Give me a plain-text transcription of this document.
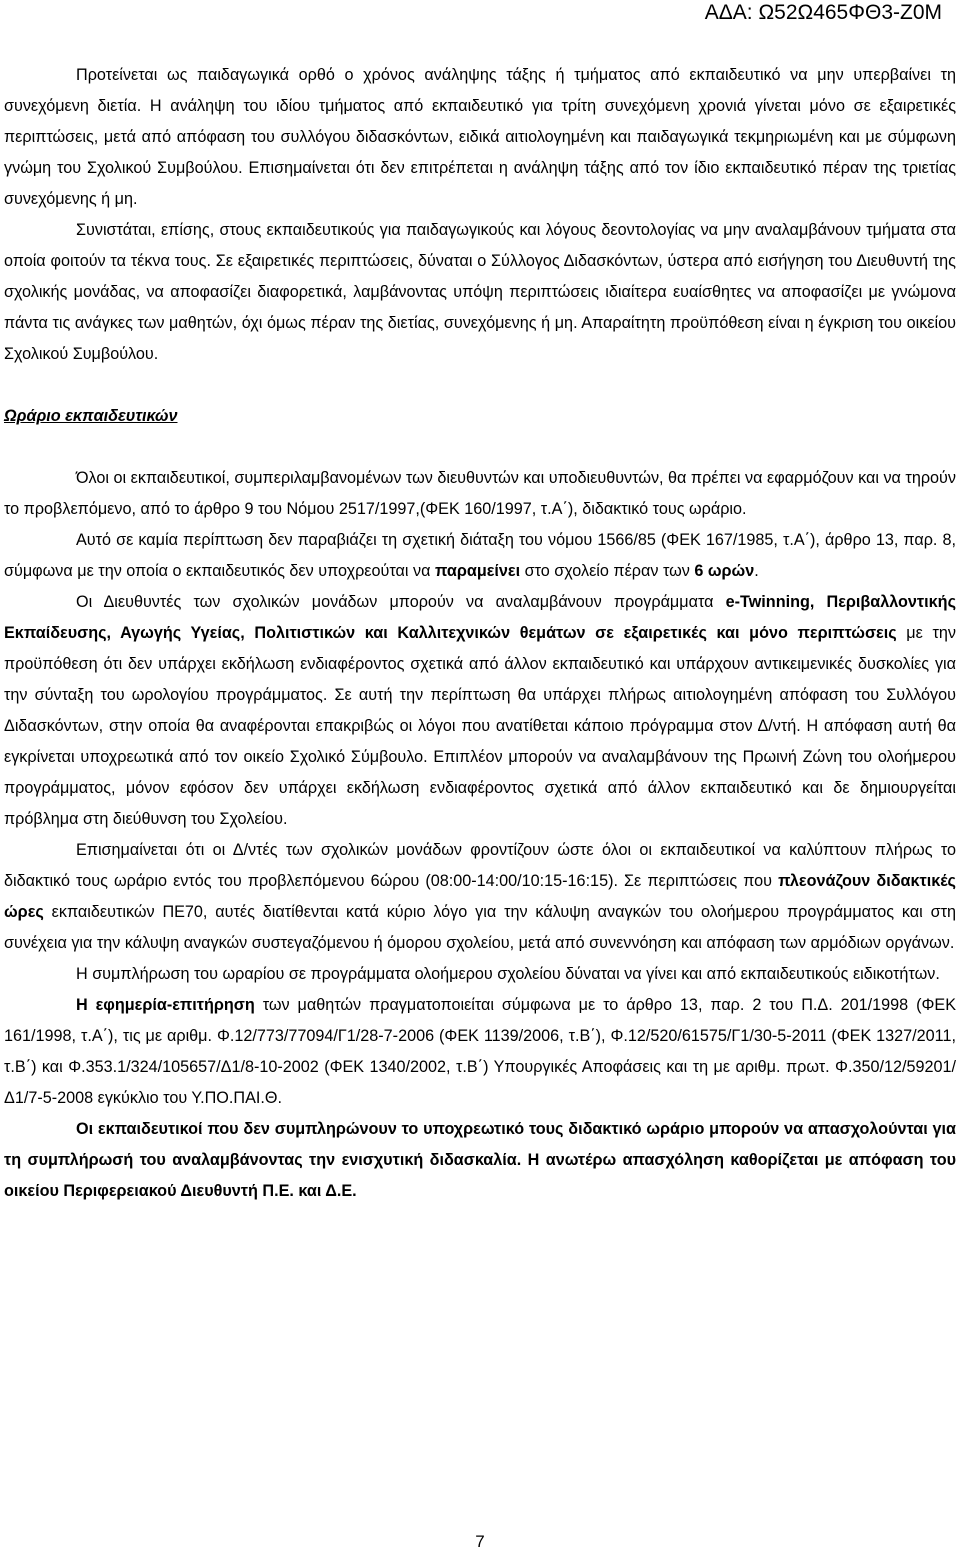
ΑΔΑ: Ω52Ω465ΦΘ3-Ζ0Μ

Προτείνεται ως παιδαγωγικά ορθό ο χρόνος ανάληψης τάξης ή τμήματος από εκπαιδευτικό να μην υπερβαίνει τη συνεχόμενη διετία. Η ανάληψη του ιδίου τμήματος από εκπαιδευτικό για τρίτη συνεχόμενη χρονιά γίνεται μόνο σε εξαιρετικές περιπτώσεις, μετά από απόφαση του συλλόγου διδασκόντων, ειδικά αιτιολογημένη και παιδαγωγικά τεκμηριωμένη και με σύμφωνη γνώμη του Σχολικού Συμβούλου. Επισημαίνεται ότι δεν επιτρέπεται η ανάληψη τάξης από τον ίδιο εκπαιδευτικό πέραν της τριετίας συνεχόμενης ή μη.

Συνιστάται, επίσης, στους εκπαιδευτικούς για παιδαγωγικούς και λόγους δεοντολογίας να μην αναλαμβάνουν τμήματα στα οποία φοιτούν τα τέκνα τους. Σε εξαιρετικές περιπτώσεις, δύναται ο Σύλλογος Διδασκόντων, ύστερα από εισήγηση του Διευθυντή της σχολικής μονάδας, να αποφασίζει διαφορετικά, λαμβάνοντας υπόψη περιπτώσεις ιδιαίτερα ευαίσθητες να αποφασίζει με γνώμονα πάντα τις ανάγκες των μαθητών, όχι όμως πέραν της διετίας, συνεχόμενης ή μη. Απαραίτητη προϋπόθεση είναι η έγκριση του οικείου Σχολικού Συμβούλου.

Ωράριο εκπαιδευτικών

Όλοι οι εκπαιδευτικοί, συμπεριλαμβανομένων των διευθυντών και υποδιευθυντών, θα πρέπει να εφαρμόζουν και να τηρούν το προβλεπόμενο, από το άρθρο 9 του Νόμου 2517/1997,(ΦΕΚ 160/1997, τ.Α΄), διδακτικό τους ωράριο.

Αυτό σε καμία περίπτωση δεν παραβιάζει τη σχετική διάταξη του νόμου 1566/85 (ΦΕΚ 167/1985, τ.Α΄), άρθρο 13, παρ. 8, σύμφωνα με την οποία ο εκπαιδευτικός δεν υποχρεούται να παραμείνει στο σχολείο πέραν των 6 ωρών.

Οι Διευθυντές των σχολικών μονάδων μπορούν να αναλαμβάνουν προγράμματα e-Twinning, Περιβαλλοντικής Εκπαίδευσης, Αγωγής Υγείας, Πολιτιστικών και Καλλιτεχνικών θεμάτων σε εξαιρετικές και μόνο περιπτώσεις με την προϋπόθεση ότι δεν υπάρχει εκδήλωση ενδιαφέροντος σχετικά από άλλον εκπαιδευτικό και υπάρχουν αντικειμενικές δυσκολίες για την σύνταξη του ωρολογίου προγράμματος. Σε αυτή την περίπτωση θα υπάρχει πλήρως αιτιολογημένη απόφαση του Συλλόγου Διδασκόντων, στην οποία θα αναφέρονται επακριβώς οι λόγοι που ανατίθεται κάποιο πρόγραμμα στον Δ/ντή. Η απόφαση αυτή θα εγκρίνεται υποχρεωτικά από τον οικείο Σχολικό Σύμβουλο. Επιπλέον μπορούν να αναλαμβάνουν της Πρωινή Ζώνη του ολοήμερου προγράμματος, μόνον εφόσον δεν υπάρχει εκδήλωση ενδιαφέροντος σχετικά από άλλον εκπαιδευτικό και δε δημιουργείται πρόβλημα στη διεύθυνση του Σχολείου.

Επισημαίνεται ότι οι Δ/ντές των σχολικών μονάδων φροντίζουν ώστε όλοι οι εκπαιδευτικοί να καλύπτουν πλήρως το διδακτικό τους ωράριο εντός του προβλεπόμενου 6ώρου (08:00-14:00/10:15-16:15). Σε περιπτώσεις που πλεονάζουν διδακτικές ώρες εκπαιδευτικών ΠΕ70, αυτές διατίθενται κατά κύριο λόγο για την κάλυψη αναγκών του ολοήμερου προγράμματος και στη συνέχεια για την κάλυψη αναγκών συστεγαζόμενου ή όμορου σχολείου, μετά από συνεννόηση και απόφαση των αρμόδιων οργάνων.

Η συμπλήρωση του ωραρίου σε προγράμματα ολοήμερου σχολείου δύναται να γίνει και από εκπαιδευτικούς ειδικοτήτων.

Η εφημερία-επιτήρηση των μαθητών πραγματοποιείται σύμφωνα με το άρθρο 13, παρ. 2 του Π.Δ. 201/1998 (ΦΕΚ 161/1998, τ.Α΄), τις με αριθμ. Φ.12/773/77094/Γ1/28-7-2006 (ΦΕΚ 1139/2006, τ.Β΄), Φ.12/520/61575/Γ1/30-5-2011 (ΦΕΚ 1327/2011, τ.Β΄) και Φ.353.1/324/105657/Δ1/8-10-2002 (ΦΕΚ 1340/2002, τ.Β΄) Υπουργικές Αποφάσεις και τη με αριθμ. πρωτ. Φ.350/12/59201/Δ1/7-5-2008 εγκύκλιο του Υ.ΠΟ.ΠΑΙ.Θ.

Οι εκπαιδευτικοί που δεν συμπληρώνουν το υποχρεωτικό τους διδακτικό ωράριο μπορούν να απασχολούνται για τη συμπλήρωσή του αναλαμβάνοντας την ενισχυτική διδασκαλία. Η ανωτέρω απασχόληση καθορίζεται με απόφαση του οικείου Περιφερειακού Διευθυντή Π.Ε. και Δ.Ε.

7
